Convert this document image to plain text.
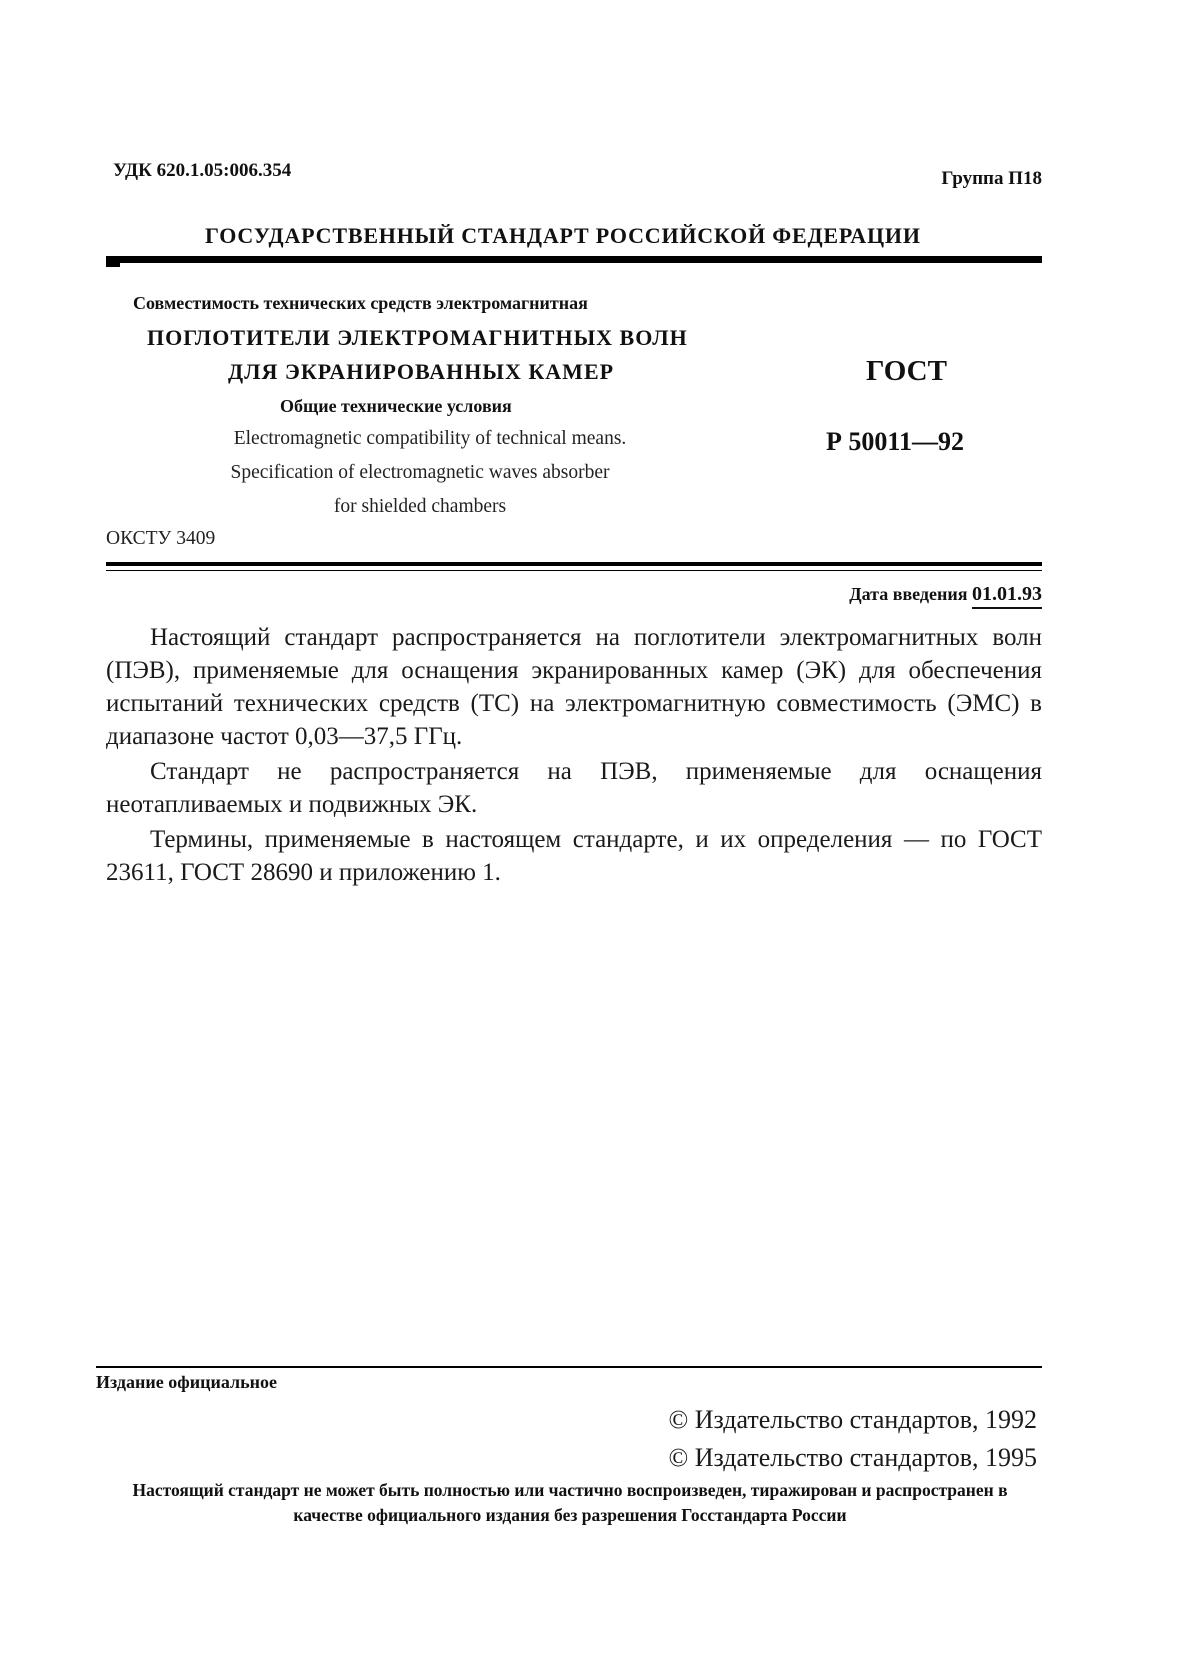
УДК 620.1.05:006.354	Группа П18
ГОСУДАРСТВЕННЫЙ СТАНДАРТ РОССИЙСКОЙ ФЕДЕРАЦИИ
Совместимость технических средств электромагнитная
ПОГЛОТИТЕЛИ ЭЛЕКТРОМАГНИТНЫХ ВОЛН
ДЛЯ ЭКРАНИРОВАННЫХ КАМЕР
Общие технические условия
Electromagnetic compatibility of technical means.
Specification of electromagnetic waves absorber
for shielded chambers
ОКСТУ 3409
ГОСТ
Р 50011—92
Дата введения 01.01.93

Настоящий стандарт распространяется на поглотители электромагнитных волн (ПЭВ), применяемые для оснащения экранированных камер (ЭК) для обеспечения испытаний технических средств (ТС) на электромагнитную совместимость (ЭМС) в диапазоне частот 0,03—37,5 ГГц.

Стандарт не распространяется на ПЭВ, применяемые для оснащения неотапливаемых и подвижных ЭК.

Термины, применяемые в настоящем стандарте, и их определения — по ГОСТ 23611, ГОСТ 28690 и приложению 1.

Издание официальное
© Издательство стандартов, 1992
© Издательство стандартов, 1995
Настоящий стандарт не может быть полностью или частично воспроизведен, тиражирован и распространен в качестве официального издания без разрешения Госстандарта России
